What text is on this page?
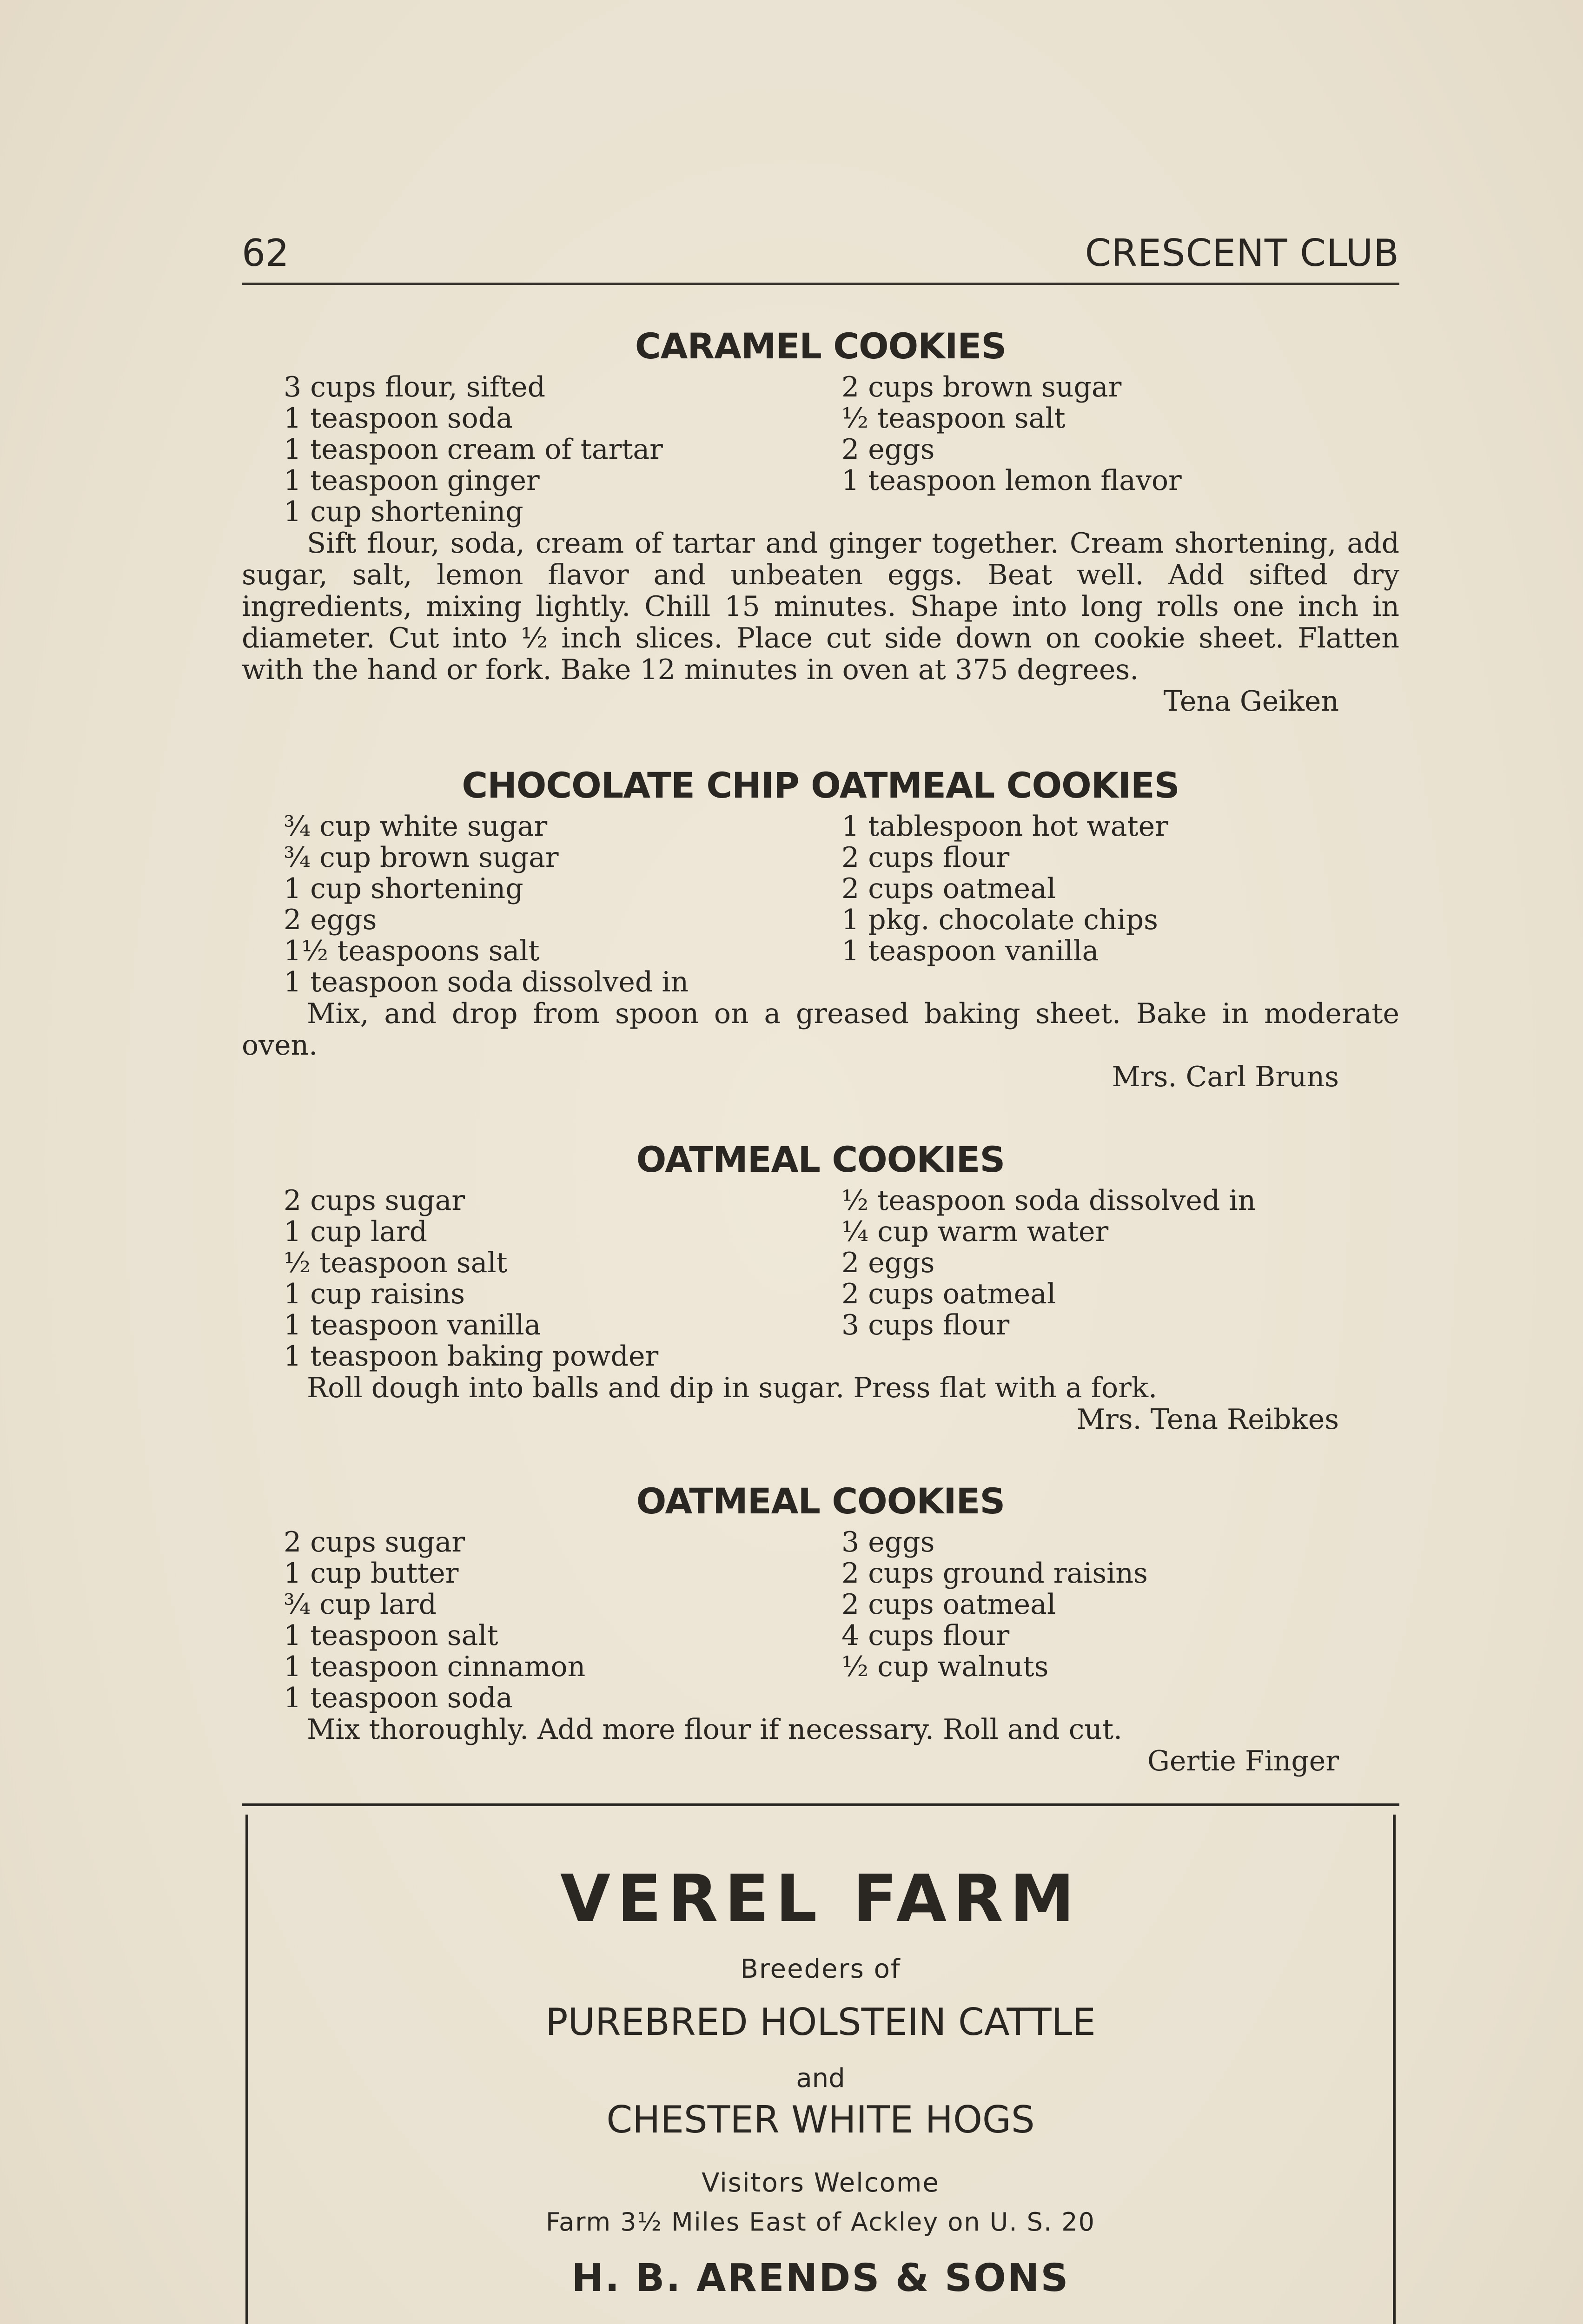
62	CRESCENT CLUB
CARAMEL COOKIES
3 cups flour, sifted
1 teaspoon soda
1 teaspoon cream of tartar
1 teaspoon ginger
1 cup shortening
2 cups brown sugar
½ teaspoon salt
2 eggs
1 teaspoon lemon flavor
Sift flour, soda, cream of tartar and ginger together. Cream shortening, add sugar, salt, lemon flavor and unbeaten eggs. Beat well. Add sifted dry ingredients, mixing lightly. Chill 15 minutes. Shape into long rolls one inch in diameter. Cut into ½ inch slices. Place cut side down on cookie sheet. Flatten with the hand or fork. Bake 12 minutes in oven at 375 degrees.
Tena Geiken
CHOCOLATE CHIP OATMEAL COOKIES
¾ cup white sugar
¾ cup brown sugar
1 cup shortening
2 eggs
1½ teaspoons salt
1 teaspoon soda dissolved in
1 tablespoon hot water
2 cups flour
2 cups oatmeal
1 pkg. chocolate chips
1 teaspoon vanilla
Mix, and drop from spoon on a greased baking sheet. Bake in moderate oven.
Mrs. Carl Bruns
OATMEAL COOKIES
2 cups sugar
1 cup lard
½ teaspoon salt
1 cup raisins
1 teaspoon vanilla
1 teaspoon baking powder
½ teaspoon soda dissolved in
¼ cup warm water
2 eggs
2 cups oatmeal
3 cups flour
Roll dough into balls and dip in sugar. Press flat with a fork.
Mrs. Tena Reibkes
OATMEAL COOKIES
2 cups sugar
1 cup butter
¾ cup lard
1 teaspoon salt
1 teaspoon cinnamon
1 teaspoon soda
3 eggs
2 cups ground raisins
2 cups oatmeal
4 cups flour
½ cup walnuts
Mix thoroughly. Add more flour if necessary. Roll and cut.
Gertie Finger
VEREL FARM
Breeders of
PUREBRED HOLSTEIN CATTLE
and
CHESTER WHITE HOGS
Visitors Welcome
Farm 3½ Miles East of Ackley on U. S. 20
H. B. ARENDS & SONS
